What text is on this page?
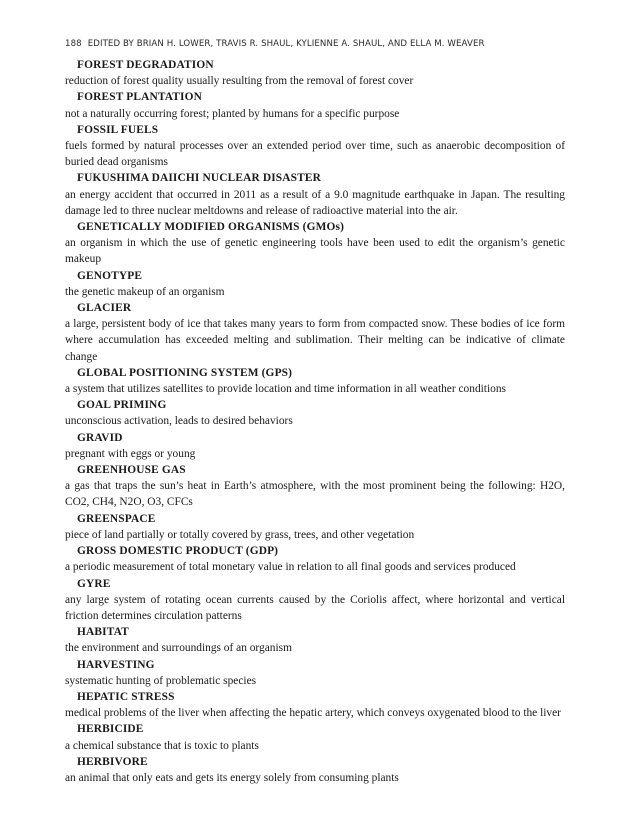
188 EDITED BY BRIAN H. LOWER, TRAVIS R. SHAUL, KYLIENNE A. SHAUL, AND ELLA M. WEAVER
FOREST DEGRADATION

reduction of forest quality usually resulting from the removal of forest cover

FOREST PLANTATION

not a naturally occurring forest; planted by humans for a specific purpose

FOSSIL FUELS

fuels formed by natural processes over an extended period over time, such as anaerobic decomposition of buried dead organisms

FUKUSHIMA DAIICHI NUCLEAR DISASTER

an energy accident that occurred in 2011 as a result of a 9.0 magnitude earthquake in Japan. The resulting damage led to three nuclear meltdowns and release of radioactive material into the air.

GENETICALLY MODIFIED ORGANISMS (GMOs)

an organism in which the use of genetic engineering tools have been used to edit the organism’s genetic makeup

GENOTYPE

the genetic makeup of an organism

GLACIER

a large, persistent body of ice that takes many years to form from compacted snow. These bodies of ice form where accumulation has exceeded melting and sublimation. Their melting can be indicative of climate change

GLOBAL POSITIONING SYSTEM (GPS)

a system that utilizes satellites to provide location and time information in all weather conditions

GOAL PRIMING

unconscious activation, leads to desired behaviors

GRAVID

pregnant with eggs or young

GREENHOUSE GAS

a gas that traps the sun’s heat in Earth’s atmosphere, with the most prominent being the following: H2O, CO2, CH4, N2O, O3, CFCs

GREENSPACE

piece of land partially or totally covered by grass, trees, and other vegetation

GROSS DOMESTIC PRODUCT (GDP)

a periodic measurement of total monetary value in relation to all final goods and services produced

GYRE

any large system of rotating ocean currents caused by the Coriolis affect, where horizontal and vertical friction determines circulation patterns

HABITAT

the environment and surroundings of an organism

HARVESTING

systematic hunting of problematic species

HEPATIC STRESS

medical problems of the liver when affecting the hepatic artery, which conveys oxygenated blood to the liver

HERBICIDE

a chemical substance that is toxic to plants

HERBIVORE

an animal that only eats and gets its energy solely from consuming plants
